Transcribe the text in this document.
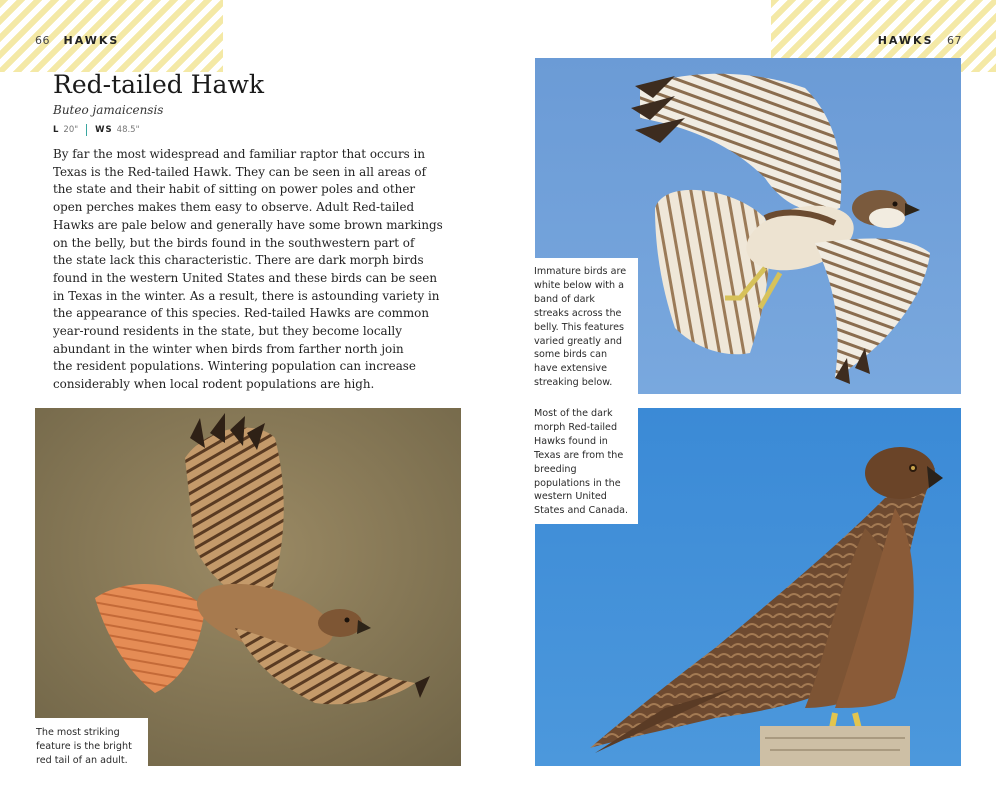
66 HAWKS	HAWKS 67
Red-tailed Hawk
Buteo jamaicensis
L 20" WS 48.5"
By far the most widespread and familiar raptor that occurs in
Texas is the Red-tailed Hawk. They can be seen in all areas of
the state and their habit of sitting on power poles and other
open perches makes them easy to observe. Adult Red-tailed
Hawks are pale below and generally have some brown markings
on the belly, but the birds found in the southwestern part of
the state lack this characteristic. There are dark morph birds
found in the western United States and these birds can be seen
in Texas in the winter. As a result, there is astounding variety in
the appearance of this species. Red-tailed Hawks are common
year-round residents in the state, but they become locally
abundant in the winter when birds from farther north join
the resident populations. Wintering population can increase
considerably when local rodent populations are high.
Immature birds are
white below with a
band of dark
streaks across the
belly. This features
varied greatly and
some birds can
have extensive
streaking below.
Most of the dark
morph Red-tailed
Hawks found in
Texas are from the
breeding
populations in the
western United
States and Canada.
The most striking
feature is the bright
red tail of an adult.
